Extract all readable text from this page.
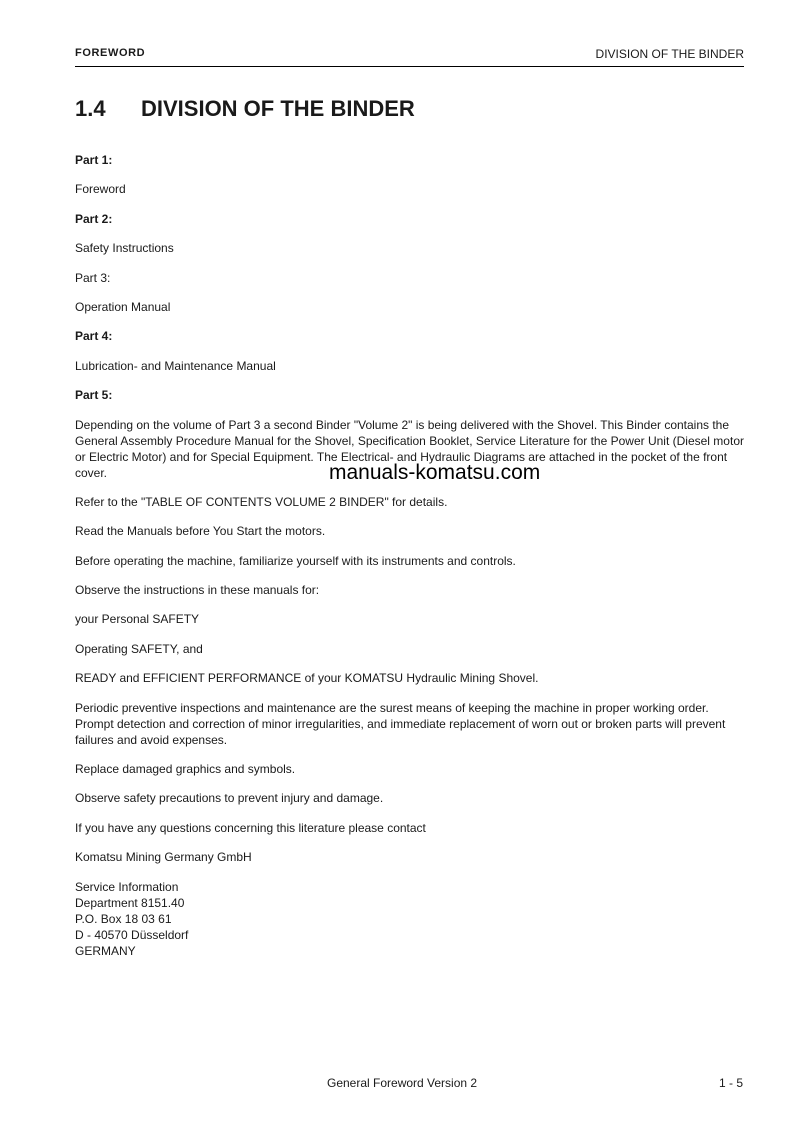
FOREWORD	DIVISION OF THE BINDER
1.4 DIVISION OF THE BINDER

Part 1:

Foreword

Part 2:

Safety Instructions

Part 3:

Operation Manual

Part 4:

Lubrication- and Maintenance Manual

Part 5:

Depending on the volume of Part 3 a second Binder "Volume 2" is being delivered with the Shovel. This Binder contains the General Assembly Procedure Manual for the Shovel, Specification Booklet, Service Literature for the Power Unit (Diesel motor or Electric Motor) and for Special Equipment. The Electrical- and Hydraulic Diagrams are attached in the pocket of the front cover.

Refer to the "TABLE OF CONTENTS VOLUME 2 BINDER" for details.

Read the Manuals before You Start the motors.

Before operating the machine, familiarize yourself with its instruments and controls.

Observe the instructions in these manuals for:

your Personal SAFETY

Operating SAFETY, and

READY and EFFICIENT PERFORMANCE of your KOMATSU Hydraulic Mining Shovel.

Periodic preventive inspections and maintenance are the surest means of keeping the machine in proper working order. Prompt detection and correction of minor irregularities, and immediate replacement of worn out or broken parts will prevent failures and avoid expenses.

Replace damaged graphics and symbols.

Observe safety precautions to prevent injury and damage.

If you have any questions concerning this literature please contact

Komatsu Mining Germany GmbH

Service Information

Department 8151.40

P.O. Box 18 03 61

D - 40570 Düsseldorf

GERMANY

manuals-komatsu.com
General Foreword Version 2	1 - 5
